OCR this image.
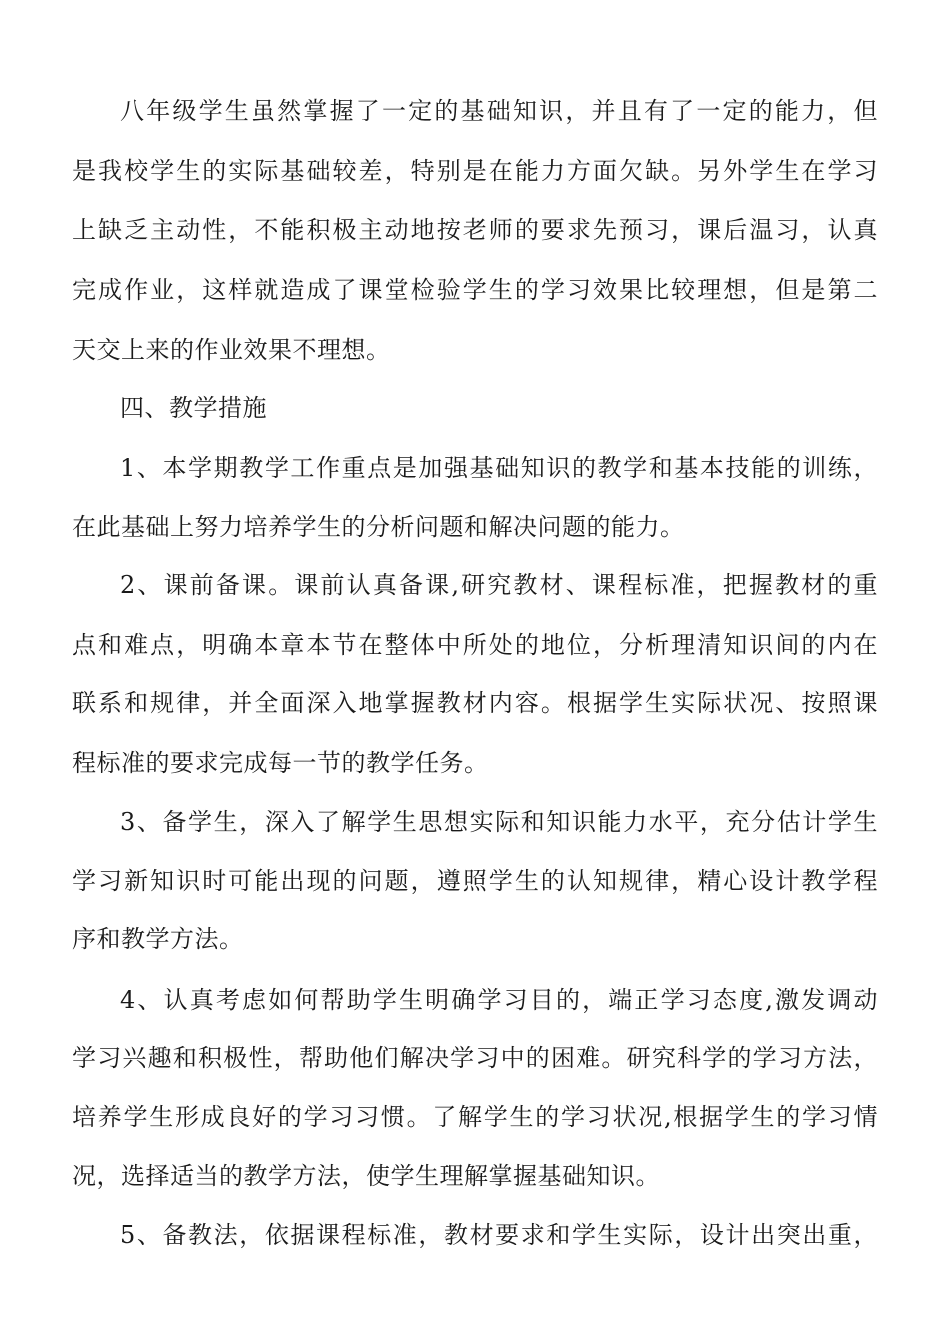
八年级学生虽然掌握了一定的基础知识，并且有了一定的能力，但
是我校学生的实际基础较差，特别是在能力方面欠缺。另外学生在学习
上缺乏主动性，不能积极主动地按老师的要求先预习，课后温习，认真
完成作业，这样就造成了课堂检验学生的学习效果比较理想，但是第二
天交上来的作业效果不理想。
四、教学措施
1、本学期教学工作重点是加强基础知识的教学和基本技能的训练，
在此基础上努力培养学生的分析问题和解决问题的能力。
2、课前备课。课前认真备课,研究教材、课程标准，把握教材的重
点和难点，明确本章本节在整体中所处的地位，分析理清知识间的内在
联系和规律，并全面深入地掌握教材内容。根据学生实际状况、按照课
程标准的要求完成每一节的教学任务。
3、备学生，深入了解学生思想实际和知识能力水平，充分估计学生
学习新知识时可能出现的问题，遵照学生的认知规律，精心设计教学程
序和教学方法。
4、认真考虑如何帮助学生明确学习目的，端正学习态度,激发调动
学习兴趣和积极性，帮助他们解决学习中的困难。研究科学的学习方法，
培养学生形成良好的学习习惯。了解学生的学习状况,根据学生的学习情
况，选择适当的教学方法，使学生理解掌握基础知识。
5、备教法，依据课程标准，教材要求和学生实际，设计出突出重，
